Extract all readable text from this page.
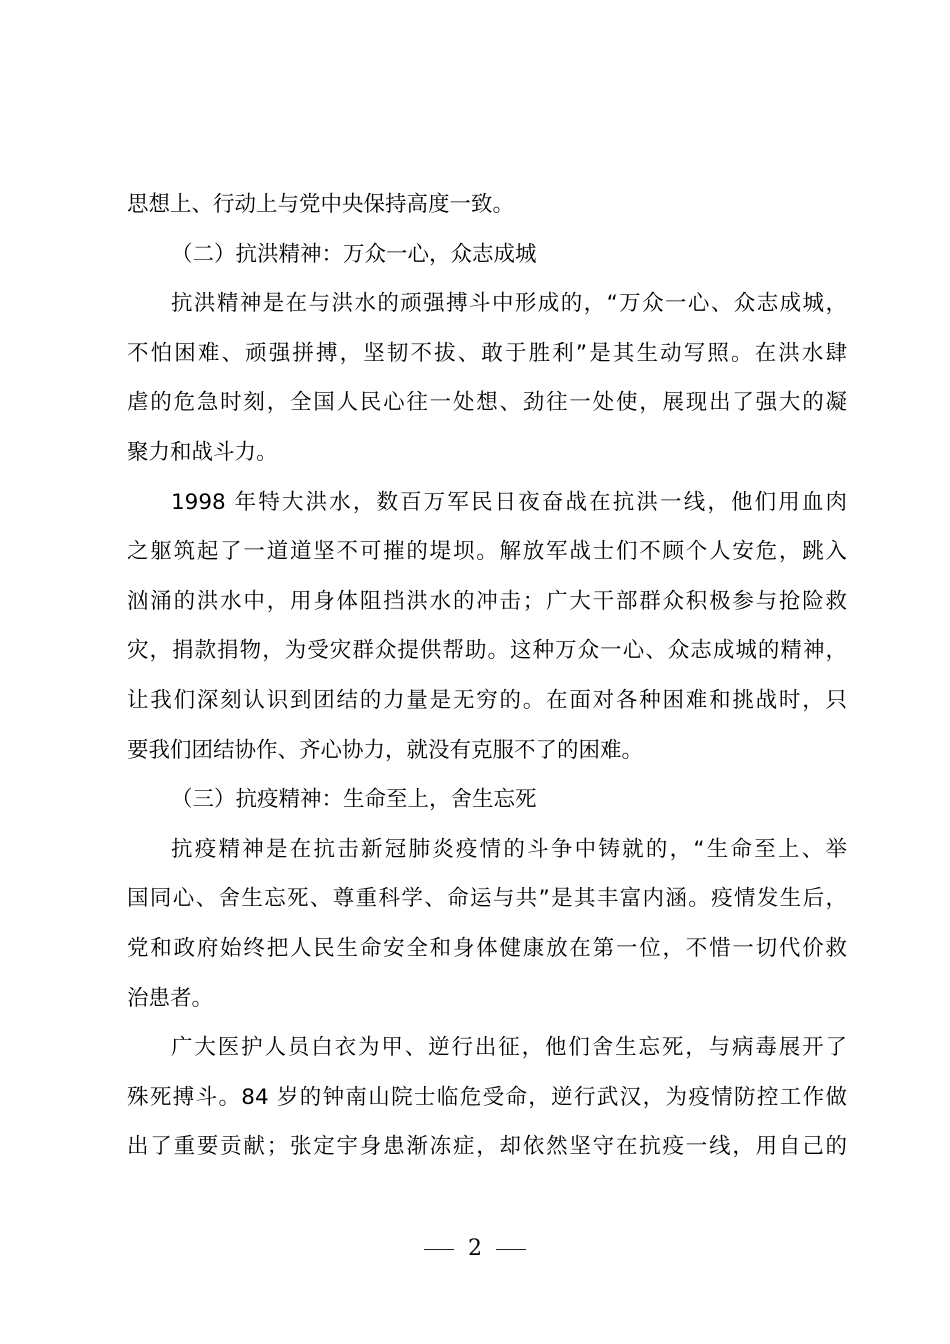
思想上、行动上与党中央保持高度一致。
（二）抗洪精神：万众一心，众志成城
抗洪精神是在与洪水的顽强搏斗中形成的，“万众一心、众志成城，
不怕困难、顽强拼搏，坚韧不拔、敢于胜利”是其生动写照。在洪水肆
虐的危急时刻，全国人民心往一处想、劲往一处使，展现出了强大的凝
聚力和战斗力。
1998 年特大洪水，数百万军民日夜奋战在抗洪一线，他们用血肉
之躯筑起了一道道坚不可摧的堤坝。解放军战士们不顾个人安危，跳入
汹涌的洪水中，用身体阻挡洪水的冲击；广大干部群众积极参与抢险救
灾，捐款捐物，为受灾群众提供帮助。这种万众一心、众志成城的精神，
让我们深刻认识到团结的力量是无穷的。在面对各种困难和挑战时，只
要我们团结协作、齐心协力，就没有克服不了的困难。
（三）抗疫精神：生命至上，舍生忘死
抗疫精神是在抗击新冠肺炎疫情的斗争中铸就的，“生命至上、举
国同心、舍生忘死、尊重科学、命运与共”是其丰富内涵。疫情发生后，
党和政府始终把人民生命安全和身体健康放在第一位，不惜一切代价救
治患者。
广大医护人员白衣为甲、逆行出征，他们舍生忘死，与病毒展开了
殊死搏斗。84 岁的钟南山院士临危受命，逆行武汉，为疫情防控工作做
出了重要贡献；张定宇身患渐冻症，却依然坚守在抗疫一线，用自己的
2
